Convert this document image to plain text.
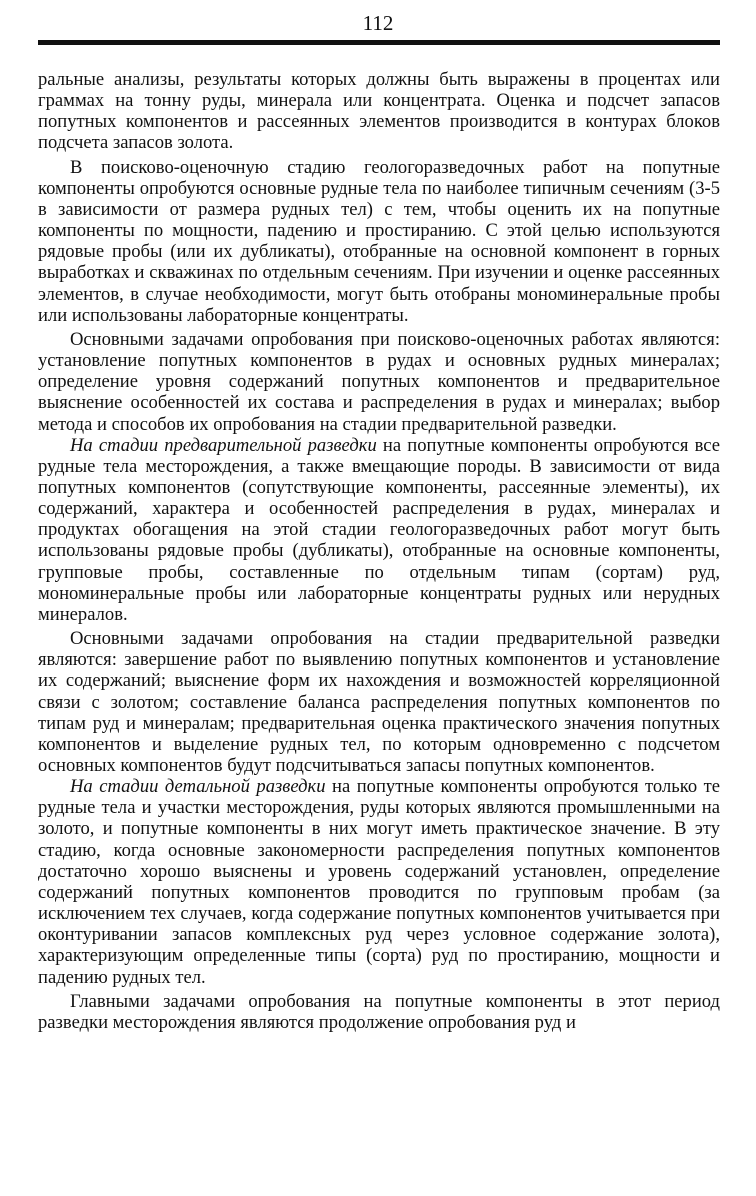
112

ральные анализы, результаты которых должны быть выражены в процентах или граммах на тонну руды, минерала или концентрата. Оценка и подсчет запасов попутных компонентов и рассеянных элементов производится в контурах блоков подсчета запасов золота.

В поисково-оценочную стадию геологоразведочных работ на попутные компоненты опробуются основные рудные тела по наиболее типичным сечениям (3-5 в зависимости от размера рудных тел) с тем, чтобы оценить их на попутные компоненты по мощности, падению и простиранию. С этой целью используются рядовые пробы (или их дубликаты), отобранные на основной компонент в горных выработках и скважинах по отдельным сечениям. При изучении и оценке рассеянных элементов, в случае необходимости, могут быть отобраны мономинеральные пробы или использованы лабораторные концентраты.

Основными задачами опробования при поисково-оценочных работах являются: установление попутных компонентов в рудах и основных рудных минералах; определение уровня содержаний попутных компонентов и предварительное выяснение особенностей их состава и распределения в рудах и минералах; выбор метода и способов их опробования на стадии предварительной разведки.

На стадии предварительной разведки на попутные компоненты опробуются все рудные тела месторождения, а также вмещающие породы. В зависимости от вида попутных компонентов (сопутствующие компоненты, рассеянные элементы), их содержаний, характера и особенностей распределения в рудах, минералах и продуктах обогащения на этой стадии геологоразведочных работ могут быть использованы рядовые пробы (дубликаты), отобранные на основные компоненты, групповые пробы, составленные по отдельным типам (сортам) руд, мономинеральные пробы или лабораторные концентраты рудных или нерудных минералов.

Основными задачами опробования на стадии предварительной разведки являются: завершение работ по выявлению попутных компонентов и установление их содержаний; выяснение форм их нахождения и возможностей корреляционной связи с золотом; составление баланса распределения попутных компонентов по типам руд и минералам; предварительная оценка практического значения попутных компонентов и выделение рудных тел, по которым одновременно с подсчетом основных компонентов будут подсчитываться запасы попутных компонентов.

На стадии детальной разведки на попутные компоненты опробуются только те рудные тела и участки месторождения, руды которых являются промышленными на золото, и попутные компоненты в них могут иметь практическое значение. В эту стадию, когда основные закономерности распределения попутных компонентов достаточно хорошо выяснены и уровень содержаний установлен, определение содержаний попутных компонентов проводится по групповым пробам (за исключением тех случаев, когда содержание попутных компонентов учитывается при оконтуривании запасов комплексных руд через условное содержание золота), характеризующим определенные типы (сорта) руд по простиранию, мощности и падению рудных тел.

Главными задачами опробования на попутные компоненты в этот период разведки месторождения являются продолжение опробования руд и
